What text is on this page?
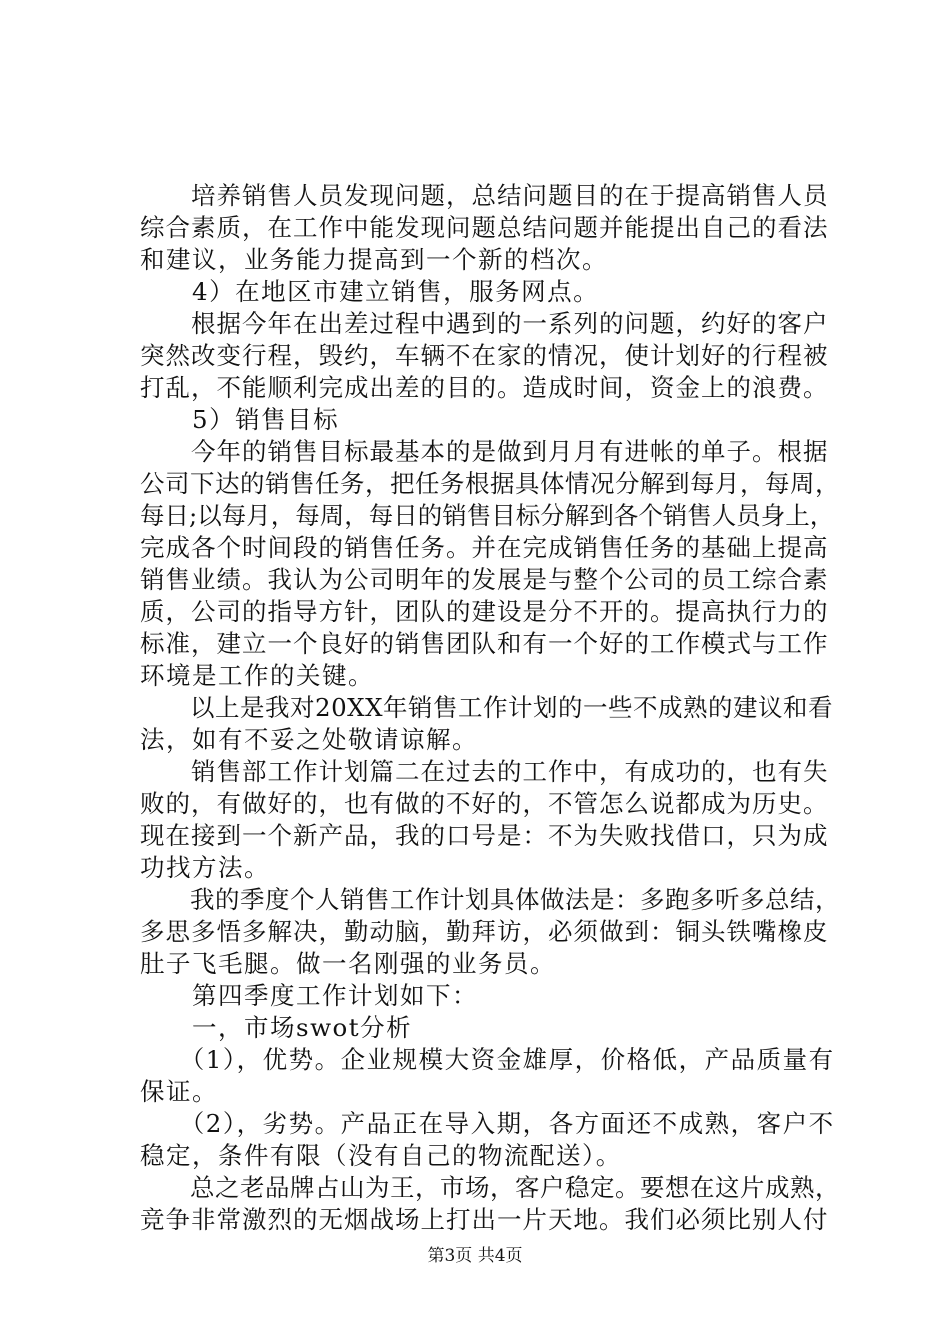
　　培养销售人员发现问题，总结问题目的在于提高销售人员
综合素质，在工作中能发现问题总结问题并能提出自己的看法
和建议，业务能力提高到一个新的档次。
　　4）在地区市建立销售，服务网点。
　　根据今年在出差过程中遇到的一系列的问题，约好的客户
突然改变行程，毁约，车辆不在家的情况，使计划好的行程被
打乱，不能顺利完成出差的目的。造成时间，资金上的浪费。
　　5）销售目标
　　今年的销售目标最基本的是做到月月有进帐的单子。根据
公司下达的销售任务，把任务根据具体情况分解到每月，每周，
每日;以每月，每周，每日的销售目标分解到各个销售人员身上，
完成各个时间段的销售任务。并在完成销售任务的基础上提高
销售业绩。我认为公司明年的发展是与整个公司的员工综合素
质，公司的指导方针，团队的建设是分不开的。提高执行力的
标准，建立一个良好的销售团队和有一个好的工作模式与工作
环境是工作的关键。
　　以上是我对20XX年销售工作计划的一些不成熟的建议和看
法，如有不妥之处敬请谅解。
　　销售部工作计划篇二在过去的工作中，有成功的，也有失
败的，有做好的，也有做的不好的，不管怎么说都成为历史。
现在接到一个新产品，我的口号是：不为失败找借口，只为成
功找方法。
　　我的季度个人销售工作计划具体做法是：多跑多听多总结，
多思多悟多解决，勤动脑，勤拜访，必须做到：铜头铁嘴橡皮
肚子飞毛腿。做一名刚强的业务员。
　　第四季度工作计划如下：
　　一，市场swot分析
　　（1），优势。企业规模大资金雄厚，价格低，产品质量有
保证。
　　（2），劣势。产品正在导入期，各方面还不成熟，客户不
稳定，条件有限（没有自己的物流配送）。
　　总之老品牌占山为王，市场，客户稳定。要想在这片成熟，
竞争非常激烈的无烟战场上打出一片天地。我们必须比别人付
第3页 共4页
